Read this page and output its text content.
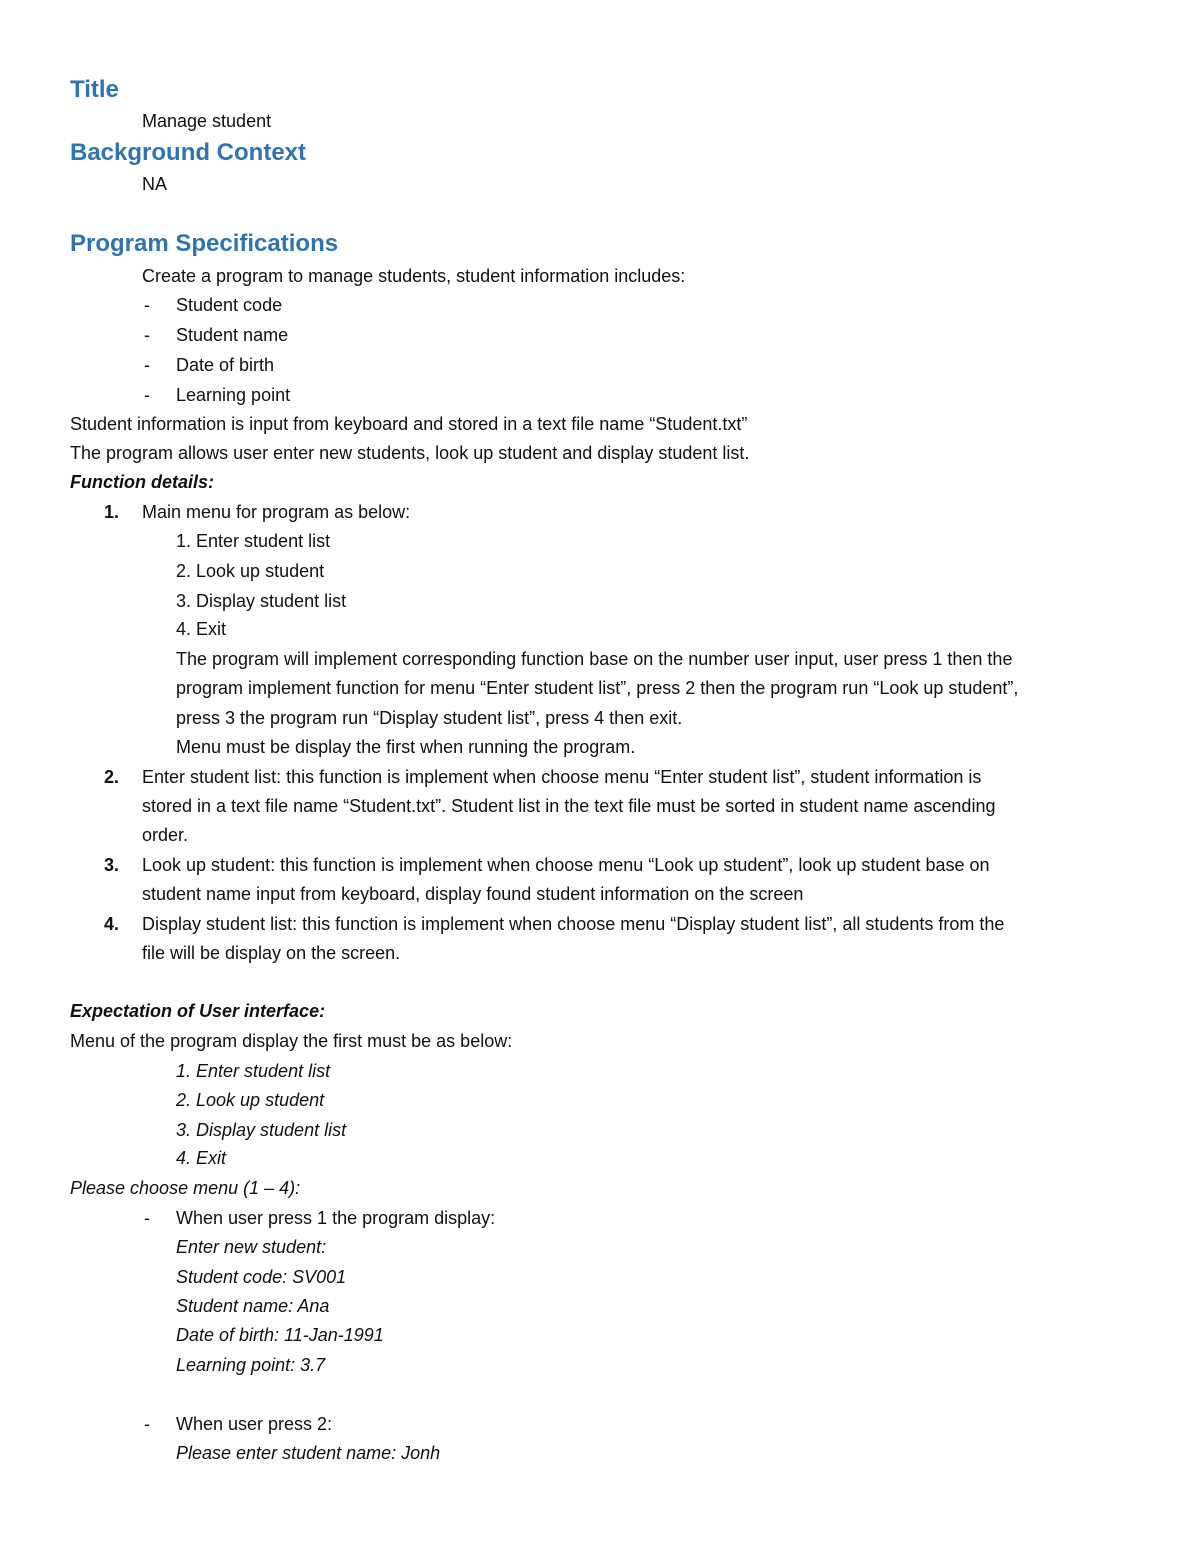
Title
Manage student
Background Context
NA
Program Specifications
Create a program to manage students, student information includes:
-	Student code
-	Student name
-	Date of birth
-	Learning point
Student information is input from keyboard and stored in a text file name “Student.txt”
The program allows user enter new students, look up student and display student list.
Function details:
1. Main menu for program as below:
1. Enter student list
2. Look up student
3. Display student list
4. Exit
The program will implement corresponding function base on the number user input, user press 1 then the
program implement function for menu “Enter student list”, press 2 then the program run “Look up student”,
press 3 the program run “Display student list”, press 4 then exit.
Menu must be display the first when running the program.
2. Enter student list: this function is implement when choose menu “Enter student list”, student information is
stored in a text file name “Student.txt”. Student list in the text file must be sorted in student name ascending
order.
3. Look up student: this function is implement when choose menu “Look up student”, look up student base on
student name input from keyboard, display found student information on the screen
4. Display student list: this function is implement when choose menu “Display student list”, all students from the
file will be display on the screen.
Expectation of User interface:
Menu of the program display the first must be as below:
1. Enter student list
2. Look up student
3. Display student list
4. Exit
Please choose menu (1 – 4):
-	When user press 1 the program display:
Enter new student:
Student code: SV001
Student name: Ana
Date of birth: 11-Jan-1991
Learning point: 3.7
-	When user press 2:
Please enter student name: Jonh
